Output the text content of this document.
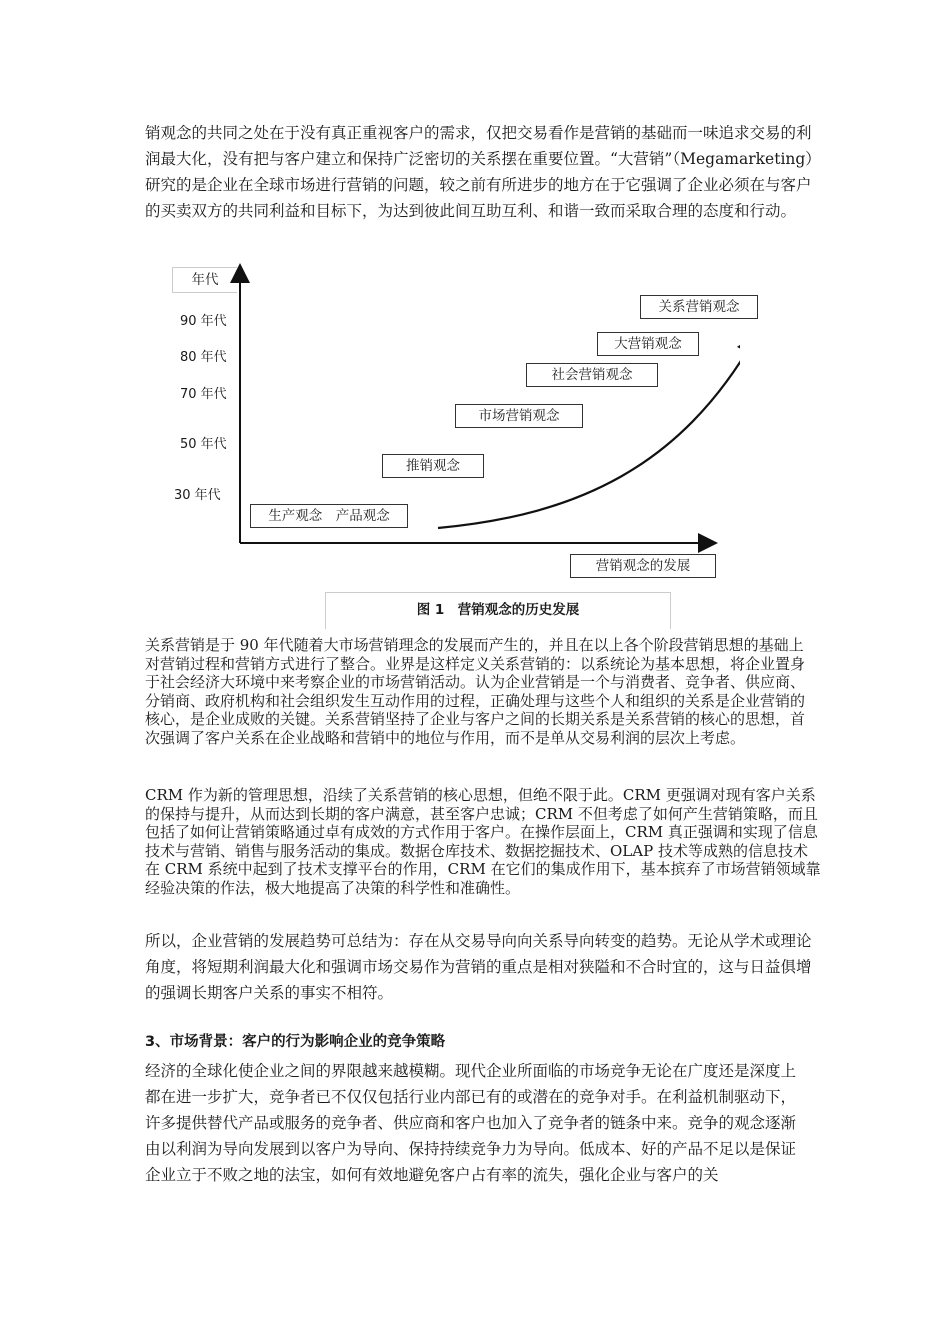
销观念的共同之处在于没有真正重视客户的需求，仅把交易看作是营销的基础而一味追求交易的利润最大化，没有把与客户建立和保持广泛密切的关系摆在重要位置。“大营销”（Megamarketing）研究的是企业在全球市场进行营销的问题，较之前有所进步的地方在于它强调了企业必须在与客户的买卖双方的共同利益和目标下，为达到彼此间互助互利、和谐一致而采取合理的态度和行动。

年代
90 年代
80 年代
70 年代
50 年代
30 年代
生产观念　产品观念
推销观念
市场营销观念
社会营销观念
大营销观念
关系营销观念
营销观念的发展
图 1　营销观念的历史发展

关系营销是于 90 年代随着大市场营销理念的发展而产生的，并且在以上各个阶段营销思想的基础上对营销过程和营销方式进行了整合。业界是这样定义关系营销的：以系统论为基本思想，将企业置身于社会经济大环境中来考察企业的市场营销活动。认为企业营销是一个与消费者、竞争者、供应商、分销商、政府机构和社会组织发生互动作用的过程，正确处理与这些个人和组织的关系是企业营销的核心，是企业成败的关键。关系营销坚持了企业与客户之间的长期关系是关系营销的核心的思想，首次强调了客户关系在企业战略和营销中的地位与作用，而不是单从交易利润的层次上考虑。

CRM 作为新的管理思想，沿续了关系营销的核心思想，但绝不限于此。CRM 更强调对现有客户关系的保持与提升，从而达到长期的客户满意，甚至客户忠诚；CRM 不但考虑了如何产生营销策略，而且包括了如何让营销策略通过卓有成效的方式作用于客户。在操作层面上，CRM 真正强调和实现了信息技术与营销、销售与服务活动的集成。数据仓库技术、数据挖掘技术、OLAP 技术等成熟的信息技术在 CRM 系统中起到了技术支撑平台的作用，CRM 在它们的集成作用下，基本摈弃了市场营销领域靠经验决策的作法，极大地提高了决策的科学性和准确性。

所以，企业营销的发展趋势可总结为：存在从交易导向向关系导向转变的趋势。无论从学术或理论角度，将短期利润最大化和强调市场交易作为营销的重点是相对狭隘和不合时宜的，这与日益俱增的强调长期客户关系的事实不相符。

3、市场背景：客户的行为影响企业的竞争策略

经济的全球化使企业之间的界限越来越模糊。现代企业所面临的市场竞争无论在广度还是深度上都在进一步扩大，竞争者已不仅仅包括行业内部已有的或潜在的竞争对手。在利益机制驱动下，许多提供替代产品或服务的竞争者、供应商和客户也加入了竞争者的链条中来。竞争的观念逐渐由以利润为导向发展到以客户为导向、保持持续竞争力为导向。低成本、好的产品不足以是保证企业立于不败之地的法宝，如何有效地避免客户占有率的流失，强化企业与客户的关
